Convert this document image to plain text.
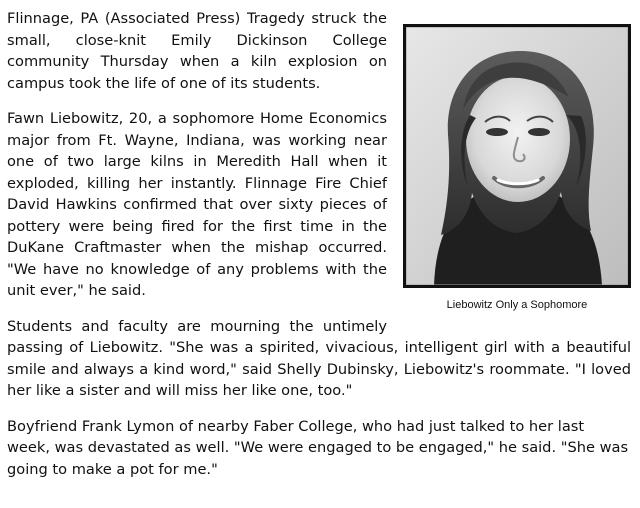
Liebowitz Only a Sophomore

Flinnage, PA (Associated Press) Tragedy struck the small, close-knit Emily Dickinson College community Thursday when a kiln explosion on campus took the life of one of its students.

Fawn Liebowitz, 20, a sophomore Home Economics major from Ft. Wayne, Indiana, was working near one of two large kilns in Meredith Hall when it exploded, killing her instantly. Flinnage Fire Chief David Hawkins confirmed that over sixty pieces of pottery were being fired for the first time in the DuKane Craftmaster when the mishap occurred. "We have no knowledge of any problems with the unit ever," he said.

Students and faculty are mourning the untimely passing of Liebowitz. "She was a spirited, vivacious, intelligent girl with a beautiful smile and always a kind word," said Shelly Dubinsky, Liebowitz's roommate. "I loved her like a sister and will miss her like one, too."

Boyfriend Frank Lymon of nearby Faber College, who had just talked to her last week, was devastated as well. "We were engaged to be engaged," he said. "She was going to make a pot for me."
